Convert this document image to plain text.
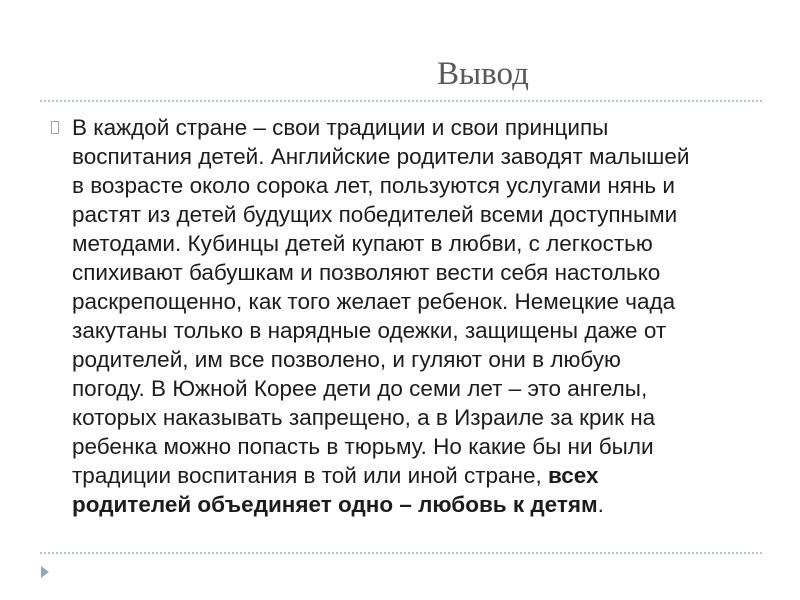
Вывод
В каждой стране – свои традиции и свои принципы
воспитания детей. Английские родители заводят малышей
в возрасте около сорока лет, пользуются услугами нянь и
растят из детей будущих победителей всеми доступными
методами. Кубинцы детей купают в любви, с легкостью
спихивают бабушкам и позволяют вести себя настолько
раскрепощенно, как того желает ребенок. Немецкие чада
закутаны только в нарядные одежки, защищены даже от
родителей, им все позволено, и гуляют они в любую
погоду. В Южной Корее дети до семи лет – это ангелы,
которых наказывать запрещено, а в Израиле за крик на
ребенка можно попасть в тюрьму. Но какие бы ни были
традиции воспитания в той или иной стране, всех
родителей объединяет одно – любовь к детям.
